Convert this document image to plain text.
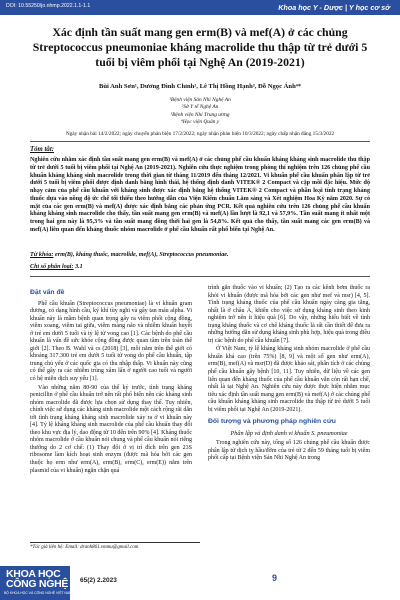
DOI: 10.55250/jo.nhmp.2022.1.1-1.1	Khoa học Y - Dược | Y học cơ sở
Xác định tần suất mang gen erm(B) và mef(A) ở các chủng Streptococcus pneumoniae kháng macrolide thu thập từ trẻ dưới 5 tuổi bị viêm phổi tại Nghệ An (2019-2021)
Bùi Anh Sơn¹, Dương Đình Chỉnh², Lê Thị Hồng Hạnh³, Đỗ Ngọc Ánh⁴*
¹Bệnh viện Sản Nhi Nghệ An
²Sở Y tế Nghệ An
³Bệnh viện Nhi Trung ương
⁴Học viện Quân y
Ngày nhận bài 14/2/2022; ngày chuyển phản biện 17/2/2022; ngày nhận phản biện 10/3/2022; ngày chấp nhận đăng 15/3/2022
Tóm tắt:
Nghiên cứu nhằm xác định tần suất mang gen erm(B) và mef(A) ở các chủng phế cầu khuẩn kháng kháng sinh macrolide thu thập từ trẻ dưới 5 tuổi bị viêm phổi tại Nghệ An (2019-2021). Nghiên cứu thực nghiệm trong phòng thí nghiệm trên 126 chủng phế cầu khuẩn kháng kháng sinh macrolide trong thời gian từ tháng 11/2019 đến tháng 12/2021. Vi khuẩn phế cầu khuẩn phân lập từ trẻ dưới 5 tuổi bị viêm phổi được định danh bằng hình thái, hệ thống định danh VITEK® 2 Compact và cặp mồi đặc hiệu. Mức độ nhạy cảm của phế cầu khuẩn với kháng sinh được xác định bằng hệ thống VITEK® 2 Compact và phần loại tính trạng kháng thuốc dựa vào nồng độ ức chế tối thiểu theo hướng dẫn của Viện Kiểm chuẩn Lâm sàng và Xét nghiệm Hoa Kỳ năm 2020. Sự có mặt của các gen erm(B) và mef(A) được xác định bằng các phản ứng PCR. Kết quả nghiên cứu trên 126 chủng phế cầu khuẩn kháng kháng sinh macrolide cho thấy, tần suất mang gen erm(B) và mef(A) lần lượt là 92,1 và 57,9%. Tần suất mang ít nhất một trong hai gen này là 95,3% và tần suất mang đồng thời hai gen là 54,8%. Kết quả cho thấy, tần suất mang các gen erm(B) và mef(A) liên quan đến kháng thuốc nhóm macrolide ở phế cầu khuẩn rất phổ biến tại Nghệ An.
Từ khóa: erm(B), kháng thuốc, macrolide, mef(A), Streptococcus pneumoniae.
Chỉ số phân loại: 3.1
Đặt vấn đề

Phế cầu khuẩn (Streptococcus pneumoniae) là vi khuẩn gram dương, có dạng hình cầu, ký khí tùy nghi và gây tan máu alpha. Vi khuẩn này là mầm bệnh quan trọng gây ra viêm phổi cộng đồng, viêm xoang, viêm tai giữa, viêm màng não và nhiễm khuẩn huyết ở trẻ em dưới 5 tuổi và tỷ lệ tử vong cao [1]. Các bệnh do phế cầu khuẩn là vấn đề sức khỏe cộng đồng được quan tâm trên toàn thế giới [2]. Theo B. Wahl và cs (2018) [3], mỗi năm trên thế giới có khoảng 317.300 trẻ em dưới 5 tuổi tử vong do phế cầu khuẩn, tập trung chủ yếu ở các quốc gia có thu nhập thấp. Vi khuẩn này cũng có thể gây ra các nhiễm trùng xâm lấn ở người cao tuổi và người có hệ miễn dịch suy yếu [1].

Vào những năm 80-90 của thế kỷ trước, tình trạng kháng penicillin ở phế cầu khuẩn trở nên rất phổ biến nên các kháng sinh nhóm macrolide đã được lựa chọn sử dụng thay thế. Tuy nhiên, chính việc sử dụng các kháng sinh macrolide một cách rộng rãi dẫn tới tình trạng kháng kháng sinh macrolide xảy ra ở vi khuẩn này [4]. Tỷ lệ kháng kháng sinh macrolide của phế cầu khuẩn thay đổi theo khu vực địa lý, dao động từ 10 đến trên 90% [4]. Kháng thuốc nhóm macrolide ở cầu khuẩn nói chung và phế cầu khuẩn nói riêng thường do 2 cơ chế: (1) Thay đổi ở vị trí đích trên gen 23S ribosome làm kích hoạt sinh enzym (được mã hóa bởi các gen thuộc họ erm như erm(A), erm(B), erm(C), erm(E)) nằm trên plasmid của vi khuẩn) ngăn chặn quá

trình gắn thuốc vào vi khuẩn; (2) Tạo ra các kênh bơm thuốc ra khỏi vi khuẩn (được mã hóa bởi các gen như mef và msr) [4, 5]. Tình trạng kháng thuốc của phế cầu khuẩn ngày càng gia tăng, nhất là ở châu Á, khiến cho việc sử dụng kháng sinh theo kinh nghiệm trở nên ít hiệu quả [6]. Do vậy, những hiểu biết về tình trạng kháng thuốc và cơ chế kháng thuốc là rất cần thiết để đưa ra những hướng dẫn sử dụng kháng sinh phù hợp, hiệu quả trong điều trị các bệnh do phế cầu khuẩn [7].

Ở Việt Nam, tỷ lệ kháng kháng sinh nhóm macrolide ở phế cầu khuẩn khá cao (trên 75%) [8, 9] và một số gen như erm(A), erm(B), mef(A) và msr(D) đã được khảo sát, phân tích ở các chủng phế cầu khuẩn gây bệnh [10, 11]. Tuy nhiên, dữ liệu về các gen liên quan đến kháng thuốc của phế cầu khuẩn vẫn còn rất hạn chế, nhất là tại Nghệ An. Nghiên cứu này được thực hiện nhằm mục tiêu xác định tần suất mang gen erm(B) và mef(A) ở các chủng phế cầu khuẩn kháng kháng sinh macrolide thu thập từ trẻ dưới 5 tuổi bị viêm phổi tại Nghệ An (2019-2021).

Đối tượng và phương pháp nghiên cứu
Phân lập và định danh vi khuẩn S. pneumoniae

Trong nghiên cứu này, tổng số 126 chủng phế cầu khuẩn được phân lập từ dịch tỵ hầu/đờm của trẻ từ 2 đến 59 tháng tuổi bị viêm phổi cấp tại Bệnh viện Sản Nhi Nghệ An trong

*Tác giả liên hệ: Email: dranh861.vmmu@gmail.com
KHOA HỌC
CÔNG NGHỆ
BỘ KHOA HỌC VÀ CÔNG NGHỆ VIỆT NAM
65(2) 2.2023	9
